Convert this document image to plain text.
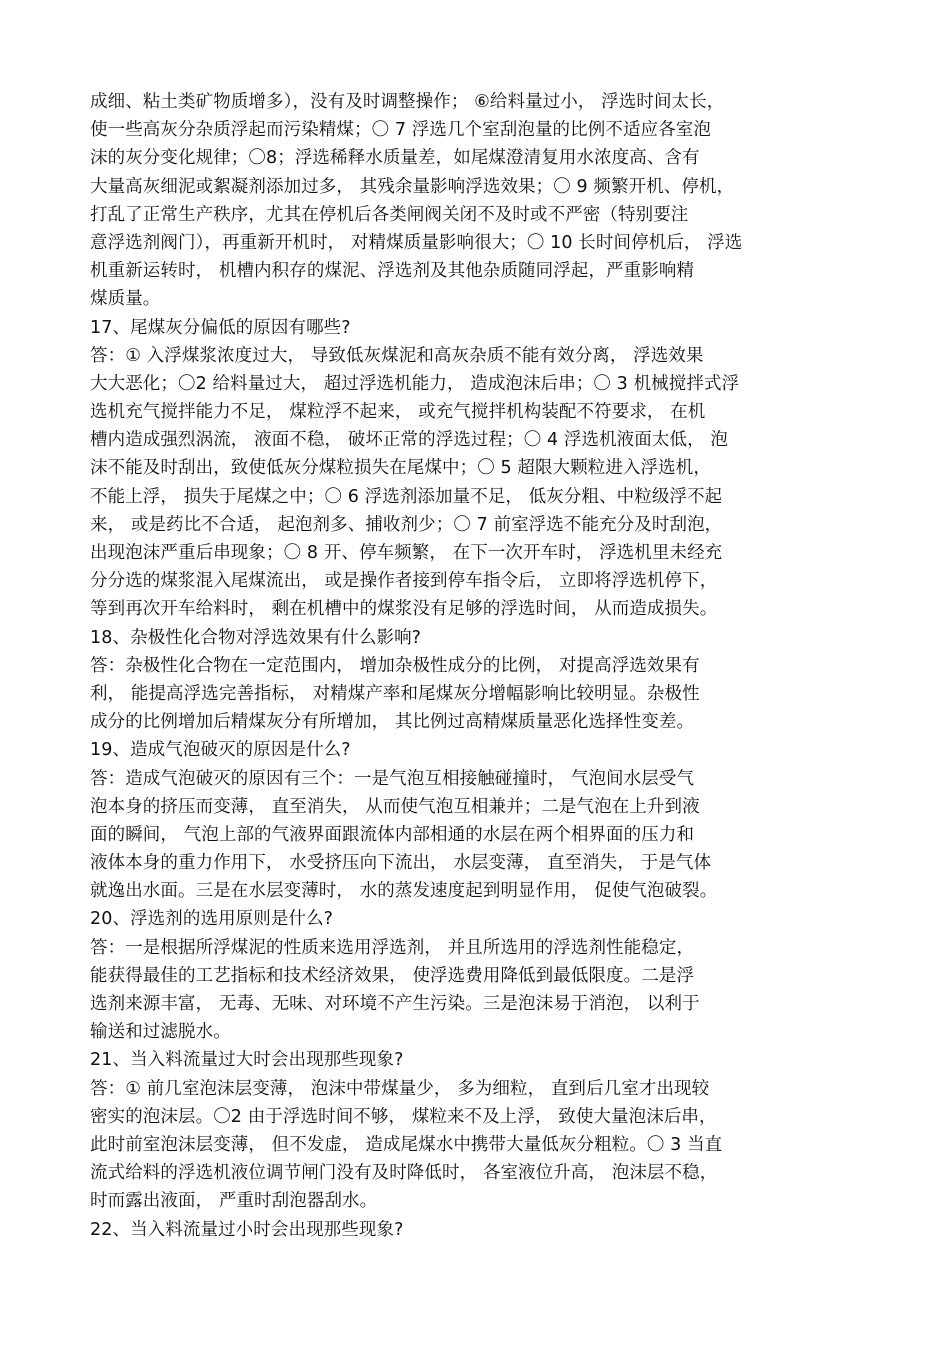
成细、粘土类矿物质增多），没有及时调整操作； ⑥给料量过小， 浮选时间太长，
使一些高灰分杂质浮起而污染精煤；〇 7 浮选几个室刮泡量的比例不适应各室泡
沫的灰分变化规律；〇8；浮选稀释水质量差，如尾煤澄清复用水浓度高、含有
大量高灰细泥或絮凝剂添加过多， 其残余量影响浮选效果；〇 9 频繁开机、停机，
打乱了正常生产秩序，尤其在停机后各类闸阀关闭不及时或不严密（特别要注
意浮选剂阀门），再重新开机时， 对精煤质量影响很大；〇 10 长时间停机后， 浮选
机重新运转时， 机槽内积存的煤泥、浮选剂及其他杂质随同浮起，严重影响精
煤质量。
17、尾煤灰分偏低的原因有哪些?
答：① 入浮煤浆浓度过大， 导致低灰煤泥和高灰杂质不能有效分离， 浮选效果
大大恶化；〇2 给料量过大， 超过浮选机能力， 造成泡沫后串；〇 3 机械搅拌式浮
选机充气搅拌能力不足， 煤粒浮不起来， 或充气搅拌机构装配不符要求， 在机
槽内造成强烈涡流， 液面不稳， 破坏正常的浮选过程；〇 4 浮选机液面太低， 泡
沫不能及时刮出，致使低灰分煤粒损失在尾煤中；〇 5 超限大颗粒进入浮选机，
不能上浮， 损失于尾煤之中；〇 6 浮选剂添加量不足， 低灰分粗、中粒级浮不起
来， 或是药比不合适， 起泡剂多、捕收剂少；〇 7 前室浮选不能充分及时刮泡，
出现泡沫严重后串现象；〇 8 开、停车频繁， 在下一次开车时， 浮选机里未经充
分分选的煤浆混入尾煤流出， 或是操作者接到停车指令后， 立即将浮选机停下，
等到再次开车给料时， 剩在机槽中的煤浆没有足够的浮选时间， 从而造成损失。
18、杂极性化合物对浮选效果有什么影响?
答：杂极性化合物在一定范围内， 增加杂极性成分的比例， 对提高浮选效果有
利， 能提高浮选完善指标， 对精煤产率和尾煤灰分增幅影响比较明显。杂极性
成分的比例增加后精煤灰分有所增加， 其比例过高精煤质量恶化选择性变差。
19、造成气泡破灭的原因是什么?
答：造成气泡破灭的原因有三个：一是气泡互相接触碰撞时， 气泡间水层受气
泡本身的挤压而变薄， 直至消失， 从而使气泡互相兼并；二是气泡在上升到液
面的瞬间， 气泡上部的气液界面跟流体内部相通的水层在两个相界面的压力和
液体本身的重力作用下， 水受挤压向下流出， 水层变薄， 直至消失， 于是气体
就逸出水面。三是在水层变薄时， 水的蒸发速度起到明显作用， 促使气泡破裂。
20、浮选剂的选用原则是什么?
答：一是根据所浮煤泥的性质来选用浮选剂， 并且所选用的浮选剂性能稳定，
能获得最佳的工艺指标和技术经济效果， 使浮选费用降低到最低限度。二是浮
选剂来源丰富， 无毒、无味、对环境不产生污染。三是泡沫易于消泡， 以利于
输送和过滤脱水。
21、当入料流量过大时会出现那些现象?
答：① 前几室泡沫层变薄， 泡沫中带煤量少， 多为细粒， 直到后几室才出现较
密实的泡沫层。〇2 由于浮选时间不够， 煤粒来不及上浮， 致使大量泡沫后串，
此时前室泡沫层变薄， 但不发虚， 造成尾煤水中携带大量低灰分粗粒。〇 3 当直
流式给料的浮选机液位调节闸门没有及时降低时， 各室液位升高， 泡沫层不稳，
时而露出液面， 严重时刮泡器刮水。
22、当入料流量过小时会出现那些现象?
